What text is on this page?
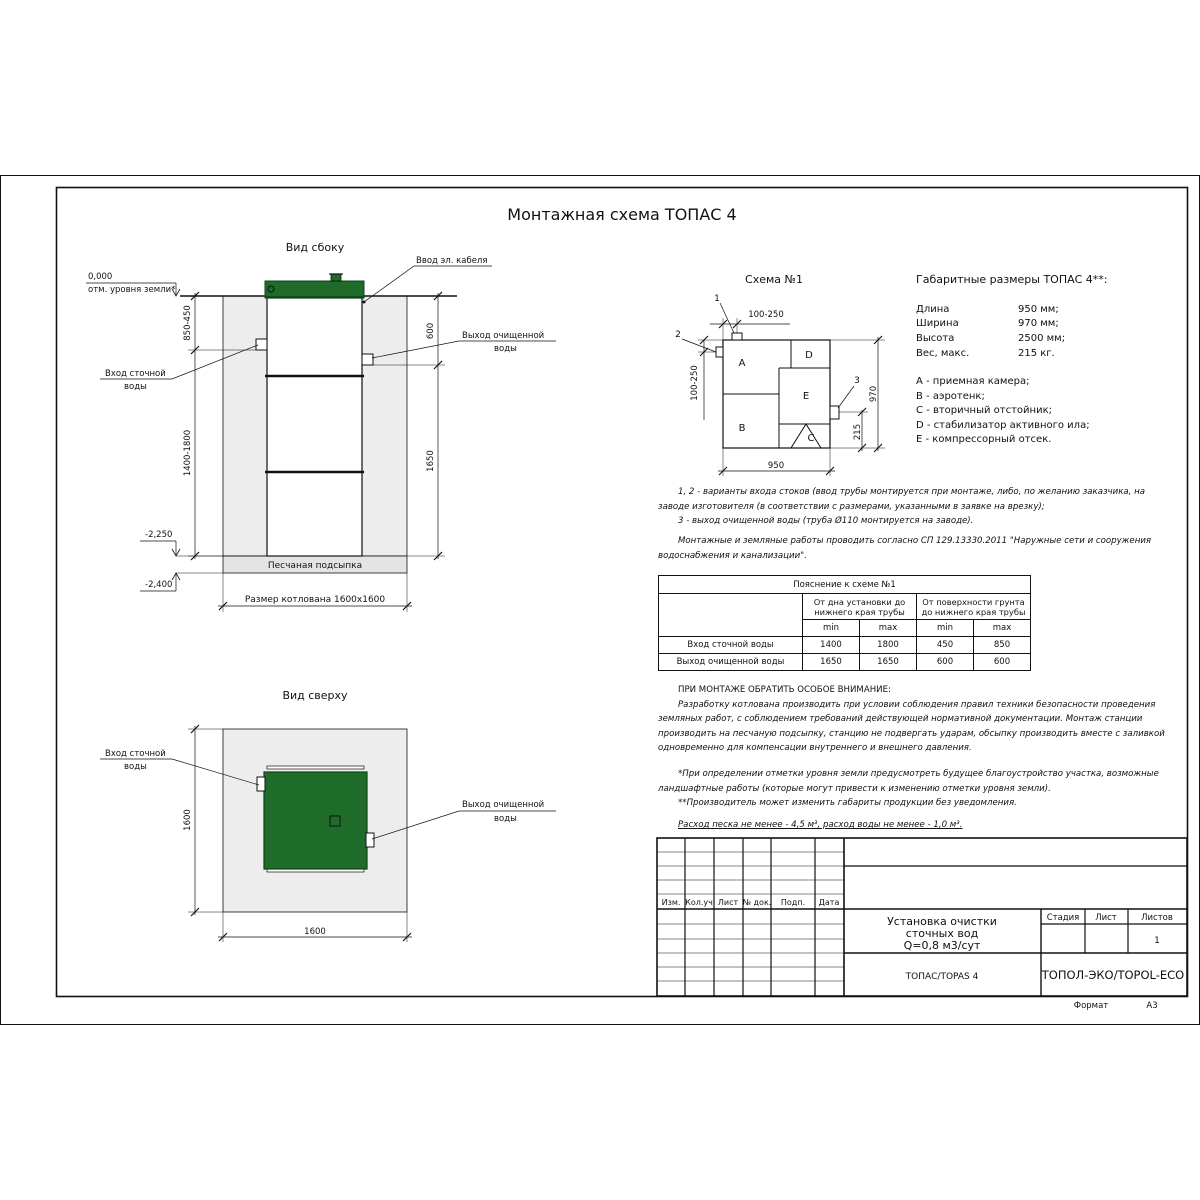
Монтажная схема ТОПАС 4
Вид сбоку
Песчаная подсыпка
0,000
отм. уровня земли*
Ввод эл. кабеля
Выход очищенной
воды
Вход сточной
воды
850-450
1400-1800
600
1650
-2,250
-2,400
Размер котлована 1600х1600
Вид сверху
Вход сточной
воды
Выход очищенной
воды
1600
1600
Схема №1
A
B
C
D
E
1
2
3
100-250
100-250	970
215
950
Габаритные размеры ТОПАС 4**:
Длина	950 мм;
Ширина	970 мм;
Высота	2500 мм;
Вес, макс.	215 кг.
А - приемная камера;
В - аэротенк;
С - вторичный отстойник;
D - стабилизатор активного ила;
Е - компрессорный отсек.
Изм. Кол.уч Лист № док. Подп. Дата
Установка очистки
сточных вод
Q=0,8 м3/сут
Стадия Лист	Листов
1
ТОПАС/TOPAS 4	ТОПОЛ-ЭКО/TOPOL-ECO
Формат	А3

1, 2 - варианты входа стоков (ввод трубы монтируется при монтаже, либо, по желанию заказчика, на

заводе изготовителя (в соответствии с размерами, указанными в заявке на врезку);

3 - выход очищенной воды (труба Ø110 монтируется на заводе).

Монтажные и земляные работы проводить согласно СП 129.13330.2011 "Наружные сети и сооружения

водоснабжения и канализации".

Пояснение к схеме №1				
	От дна установки до нижнего края трубы		От поверхности грунта до нижнего края трубы	
	min	max	min	max
Вход сточной воды	1400	1800	450	850
Выход очищенной воды	1650	1650	600	600

ПРИ МОНТАЖЕ ОБРАТИТЬ ОСОБОЕ ВНИМАНИЕ:

Разработку котлована производить при условии соблюдения правил техники безопасности проведения

земляных работ, с соблюдением требований действующей нормативной документации. Монтаж станции

производить на песчаную подсыпку, станцию не подвергать ударам, обсыпку производить вместе с заливкой

одновременно для компенсации внутреннего и внешнего давления.

*При определении отметки уровня земли предусмотреть будущее благоустройство участка, возможные

ландшафтные работы (которые могут привести к изменению отметки уровня земли).

**Производитель может изменить габариты продукции без уведомления.

Расход песка не менее - 4,5 м³, расход воды не менее - 1,0 м³.
